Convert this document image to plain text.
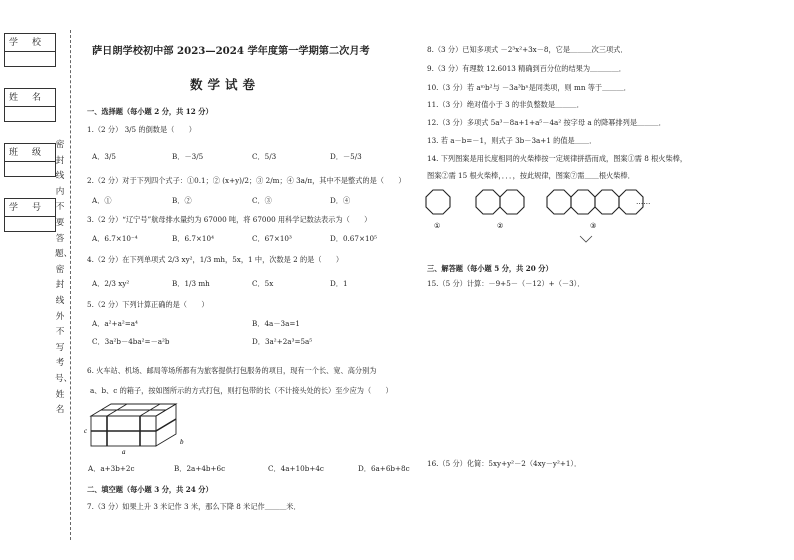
学校
姓名
班级
学号
密封线内不要答题、密封线外不写考号、姓名
萨日朗学校初中部 2023—2024 学年度第一学期第二次月考
数学试卷
一、选择题（每小题 2 分，共 12 分）
1.（2 分） 3/5 的倒数是（　　）
A．3/5	B．－3/5	C．5/3	D．－5/3
2.（2 分）对于下列四个式子：①0.1；② (x+y)/2；③ 2/m；④ 3a/π，其中不是整式的是（　　）
A．①	B．②	C．③	D．④
3.（2 分）“辽宁号”航母排水量约为 67000 吨，将 67000 用科学记数法表示为（　　）
A．6.7×10⁻⁴	B．6.7×10⁴	C．67×10³	D．0.67×10⁵
4.（2 分）在下列单项式 2/3 xy²，1/3 mh，5x，1 中，次数是 2 的是（　　）
A．2/3 xy²	B．1/3 mh	C．5x	D．1
5.（2 分）下列计算正确的是（　　）
A．a²+a²=a⁴	B．4a－3a=1
C．3a²b－4ba²=－a²b	D．3a²+2a³=5a⁵
6. 火车站、机场、邮局等场所都有为旅客提供打包服务的项目，现有一个长、宽、高分别为
a、b、c 的箱子，按如图所示的方式打包，则打包带的长（不计接头处的长）至少应为（　　）
a
b
c
A．a+3b+2c	B．2a+4b+6c	C．4a+10b+4c	D．6a+6b+8c
二、填空题（每小题 3 分，共 24 分）
7.（3 分）如果上升 3 米记作 3 米，那么下降 8 米记作＿＿＿米．
8.（3 分）已知多项式 －2³x²+3x－8，它是＿＿＿次三项式．
9.（3 分）有理数 12.6013 精确到百分位的结果为＿＿＿＿．
10.（3 分）若 aᵐb²与 －3a³bⁿ是同类项，则 mn 等于＿＿＿．
11.（3 分）绝对值小于 3 的非负整数是＿＿＿．
12.（3 分）多项式 5a³－8a+1+a⁵－4a² 按字母 a 的降幂排列是＿＿＿．
13. 若 a－b=－1，则式子 3b－3a+1 的值是＿＿．
14. 下列图案是用长度相同的火柴棒按一定规律拼搭而成，图案①需 8 根火柴棒，
图案②需 15 根火柴棒，．．．，按此规律，图案⑦需＿＿根火柴棒．
①	②	③
……
三、解答题（每小题 5 分，共 20 分）
15.（5 分）计算：－9+5－（－12）+（－3）．
16.（5 分）化简：5xy+y²－2（4xy－y²+1）．
